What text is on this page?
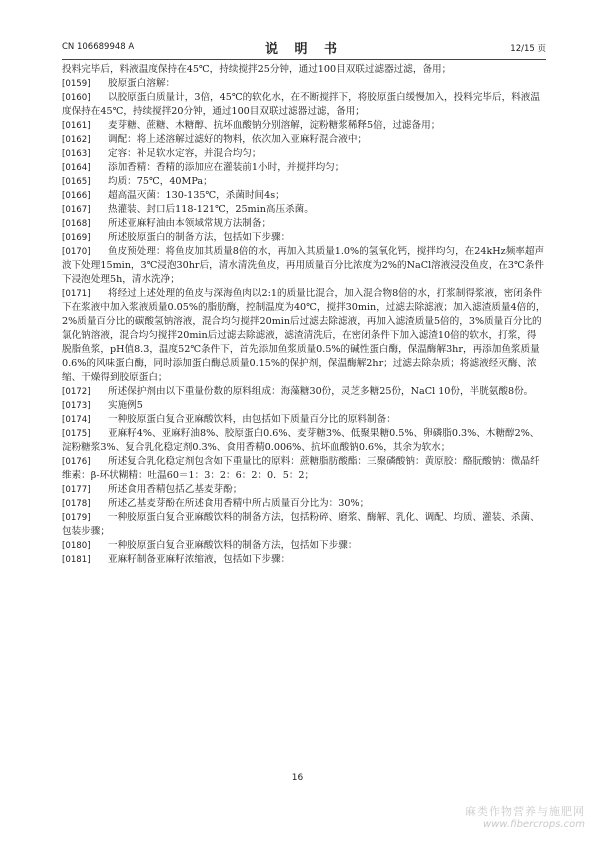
CN 106689948 A	说 明 书	12/15 页

投料完毕后，料液温度保持在45℃，持续搅拌25分钟，通过100目双联过滤器过滤，备用；

[0159]	胶原蛋白溶解：

[0160]	以胶原蛋白质量计，3倍，45℃的软化水，在不断搅拌下，将胶原蛋白缓慢加入，投料完毕后，料液温度保持在45℃，持续搅拌20分钟，通过100目双联过滤器过滤，备用；

[0161]	麦芽糖、蔗糖、木糖醇、抗坏血酸钠分别溶解，淀粉糖浆稀释5倍，过滤备用；

[0162]	调配：将上述溶解过滤好的物料，依次加入亚麻籽混合液中；

[0163]	定容：补足软水定容，并混合均匀；

[0164]	添加香精：香精的添加应在灌装前1小时，并搅拌均匀；

[0165]	均质：75℃，40MPa；

[0166]	超高温灭菌：130-135℃，杀菌时间4s；

[0167]	热灌装、封口后118-121℃，25min高压杀菌。

[0168]	所述亚麻籽油由本领域常规方法制备；

[0169]	所述胶原蛋白的制备方法，包括如下步骤：

[0170]	鱼皮预处理：将鱼皮加其质量8倍的水，再加入其质量1.0%的氢氧化钙，搅拌均匀，在24kHz频率超声波下处理15min，3℃浸泡30hr后，清水清洗鱼皮，再用质量百分比浓度为2%的NaCl溶液浸没鱼皮，在3℃条件下浸泡处理5h，清水洗净；

[0171]	将经过上述处理的鱼皮与深海鱼肉以2:1的质量比混合，加入混合物8倍的水，打浆制得浆液，密闭条件下在浆液中加入浆液质量0.05%的脂肪酶，控制温度为40℃，搅拌30min，过滤去除滤液；加入滤渣质量4倍的，2%质量百分比的碳酸氢钠溶液，混合均匀搅拌20min后过滤去除滤液，再加入滤渣质量5倍的，3%质量百分比的氯化钠溶液，混合均匀搅拌20min后过滤去除滤液，滤渣清洗后，在密闭条件下加入滤渣10倍的软水，打浆，得脱脂鱼浆，pH值8.3，温度52℃条件下，首先添加鱼浆质量0.5%的碱性蛋白酶，保温酶解3hr，再添加鱼浆质量0.6%的风味蛋白酶，同时添加蛋白酶总质量0.15%的保护剂，保温酶解2hr；过滤去除杂质；将滤液经灭酶、浓缩、干燥得到胶原蛋白；

[0172]	所述保护剂由以下重量份数的原料组成：海藻糖30份，灵芝多糖25份，NaCl 10份，半胱氨酸8份。

[0173]	实施例5

[0174]	一种胶原蛋白复合亚麻酸饮料，由包括如下质量百分比的原料制备：

[0175]	亚麻籽4%、亚麻籽油8%、胶原蛋白0.6%、麦芽糖3%、低聚果糖0.5%、卵磷脂0.3%、木糖醇2%、淀粉糖浆3%、复合乳化稳定剂0.3%、食用香精0.006%、抗坏血酸钠0.6%，其余为软水；

[0176]	所述复合乳化稳定剂包含如下重量比的原料：蔗糖脂肪酸酯：三聚磷酸钠：黄原胶：酪朊酸钠：微晶纤维素：β-环状糊精：吐温60＝1：3：2：6：2：0．5：2；

[0177]	所述食用香精包括乙基麦芽酚；

[0178]	所述乙基麦芽酚在所述食用香精中所占质量百分比为：30%；

[0179]	一种胶原蛋白复合亚麻酸饮料的制备方法，包括粉碎、磨浆、酶解、乳化、调配、均质、灌装、杀菌、包装步骤；

[0180]	一种胶原蛋白复合亚麻酸饮料的制备方法，包括如下步骤：

[0181]	亚麻籽制备亚麻籽浓缩液，包括如下步骤：

16
麻类作物营养与施肥网
www.fibercrops.com
